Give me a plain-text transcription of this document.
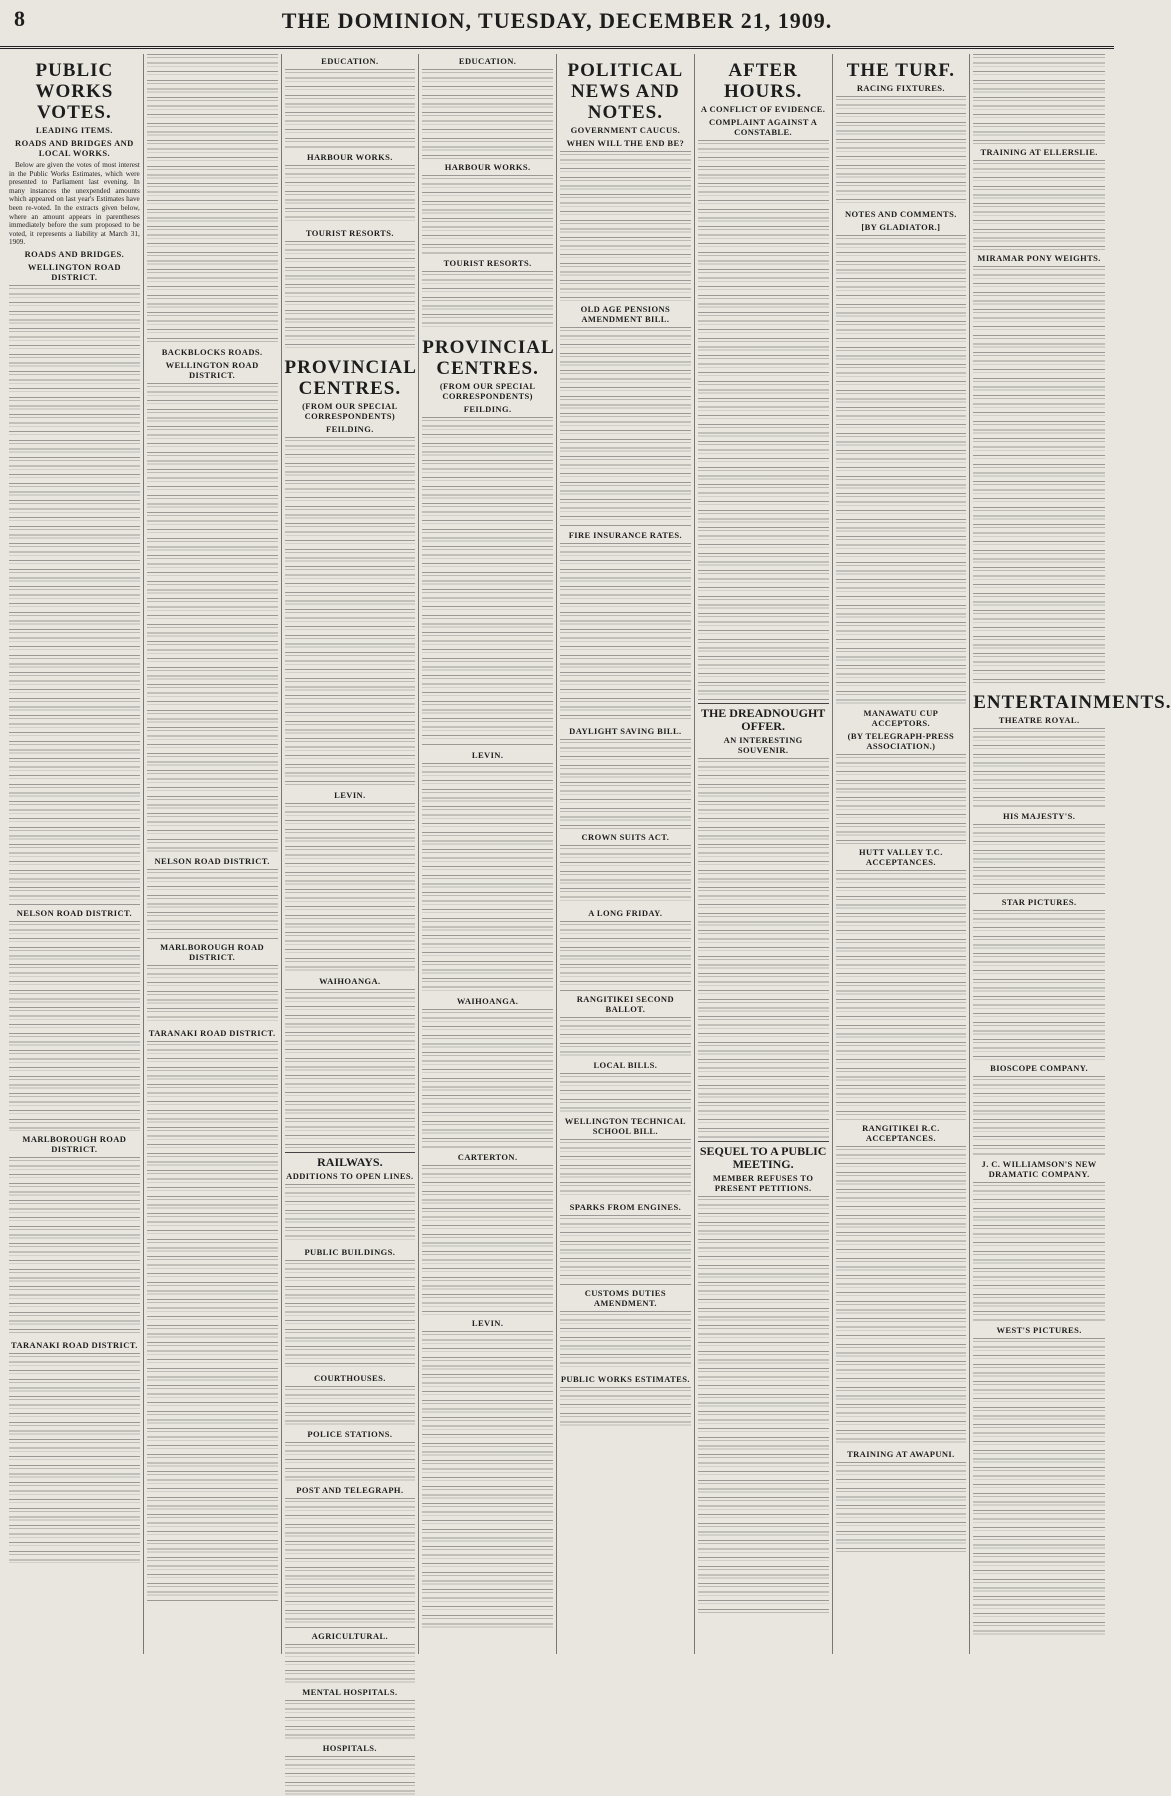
8	THE DOMINION, TUESDAY, DECEMBER 21, 1909.
PUBLIC WORKS VOTES.
LEADING ITEMS.
ROADS AND BRIDGES AND LOCAL WORKS.

Below are given the votes of most interest in the Public Works Estimates, which were presented to Parliament last evening. In many instances the unexpended amounts which appeared on last year's Estimates have been re-voted. In the extracts given below, where an amount appears in parentheses immediately before the sum proposed to be voted, it represents a liability at March 31, 1909.

ROADS AND BRIDGES.
WELLINGTON ROAD DISTRICT.
NELSON ROAD DISTRICT.
MARLBOROUGH ROAD DISTRICT.
TARANAKI ROAD DISTRICT.
BACKBLOCKS ROADS.
WELLINGTON ROAD DISTRICT.
NELSON ROAD DISTRICT.
MARLBOROUGH ROAD DISTRICT.
TARANAKI ROAD DISTRICT.
EDUCATION.
HARBOUR WORKS.
TOURIST RESORTS.
PROVINCIAL CENTRES.
(FROM OUR SPECIAL CORRESPONDENTS)
FEILDING.
LEVIN.
WAIHOANGA.
RAILWAYS.
ADDITIONS TO OPEN LINES.
PUBLIC BUILDINGS.
COURTHOUSES.
POLICE STATIONS.
POST AND TELEGRAPH.
AGRICULTURAL.
MENTAL HOSPITALS.
HOSPITALS.
EDUCATION.
HARBOUR WORKS.
TOURIST RESORTS.
PROVINCIAL CENTRES.
(FROM OUR SPECIAL CORRESPONDENTS)
FEILDING.
LEVIN.
WAIHOANGA.
CARTERTON.
LEVIN.
POLITICAL NEWS AND NOTES.
GOVERNMENT CAUCUS.
WHEN WILL THE END BE?
OLD AGE PENSIONS AMENDMENT BILL.
FIRE INSURANCE RATES.
DAYLIGHT SAVING BILL.
CROWN SUITS ACT.
A LONG FRIDAY.
RANGITIKEI SECOND BALLOT.
LOCAL BILLS.
WELLINGTON TECHNICAL SCHOOL BILL.
SPARKS FROM ENGINES.
CUSTOMS DUTIES AMENDMENT.
PUBLIC WORKS ESTIMATES.
AFTER HOURS.
A CONFLICT OF EVIDENCE.
COMPLAINT AGAINST A CONSTABLE.
THE DREADNOUGHT OFFER.
AN INTERESTING SOUVENIR.
SEQUEL TO A PUBLIC MEETING.
MEMBER REFUSES TO PRESENT PETITIONS.
THE TURF.
RACING FIXTURES.
NOTES AND COMMENTS.
[BY GLADIATOR.]
MANAWATU CUP ACCEPTORS.
(BY TELEGRAPH-PRESS ASSOCIATION.)
HUTT VALLEY T.C. ACCEPTANCES.
RANGITIKEI R.C. ACCEPTANCES.
TRAINING AT AWAPUNI.
TRAINING AT ELLERSLIE.
MIRAMAR PONY WEIGHTS.
ENTERTAINMENTS.
THEATRE ROYAL.
HIS MAJESTY'S.
STAR PICTURES.
BIOSCOPE COMPANY.
J. C. WILLIAMSON'S NEW DRAMATIC COMPANY.
WEST'S PICTURES.
